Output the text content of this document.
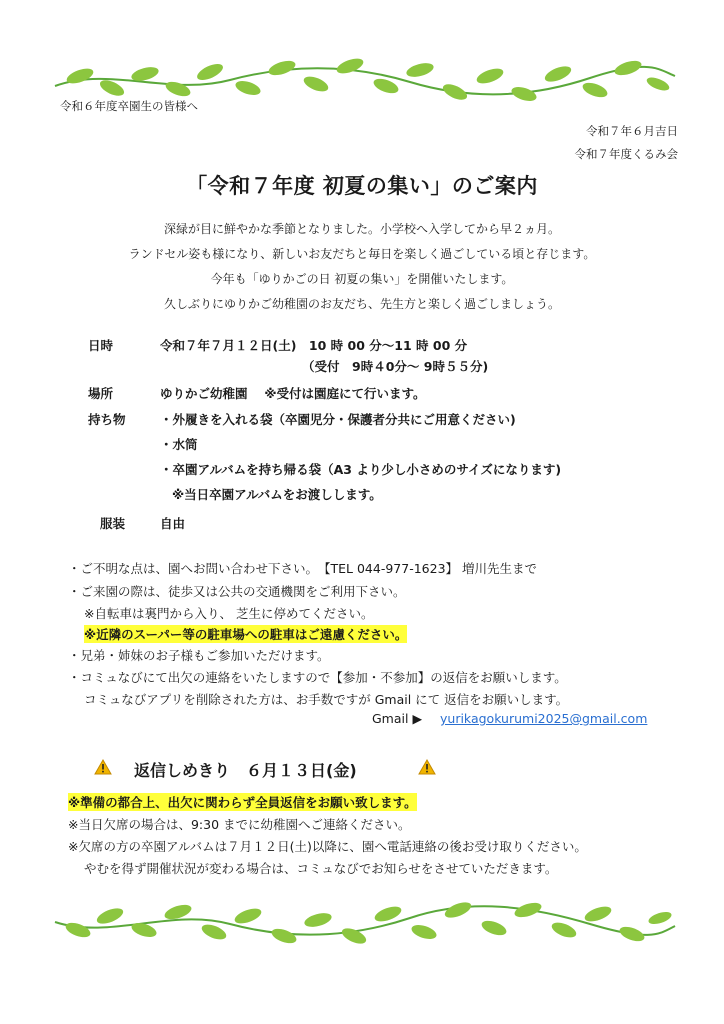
令和６年度卒園生の皆様へ
令和７年６月吉日
令和７年度くるみ会
「令和７年度 初夏の集い」のご案内
深緑が目に鮮やかな季節となりました。小学校へ入学してから早２ヵ月。
ランドセル姿も様になり、新しいお友だちと毎日を楽しく過ごしている頃と存じます。
今年も「ゆりかごの日 初夏の集い」を開催いたします。
久しぶりにゆりかご幼稚園のお友だち、先生方と楽しく過ごしましょう。
日時	令和７年７月１２日(土)　10 時 00 分～11 時 00 分
（受付　9時４0分～ 9時５５分)
場所	ゆりかご幼稚園　 ※受付は園庭にて行います。
持ち物	・外履きを入れる袋（卒園児分・保護者分共にご用意ください)
・水筒
・卒園アルバムを持ち帰る袋（A3 より少し小さめのサイズになります)
※当日卒園アルバムをお渡しします。
服装	自由
・ご不明な点は、園へお問い合わせ下さい。　【TEL 044-977-1623】 増川先生まで
・ご来園の際は、徒歩又は公共の交通機関をご利用下さい。
※自転車は裏門から入り、 芝生に停めてください。
※近隣のスーパー等の駐車場への駐車はご遠慮ください。
・兄弟・姉妹のお子様もご参加いただけます。
・コミュなびにて出欠の連絡をいたしますので【参加・不参加】の返信をお願いします。
コミュなびアプリを削除された方は、お手数ですが Gmail にて 返信をお願いします。
Gmail ▶ yurikagokurumi2025@gmail.com
返信しめきり　６月１３日(金)
※準備の都合上、出欠に関わらず全員返信をお願い致します。
※当日欠席の場合は、9:30 までに幼稚園へご連絡ください。
※欠席の方の卒園アルバムは７月１２日(土)以降に、園へ電話連絡の後お受け取りください。
やむを得ず開催状況が変わる場合は、コミュなびでお知らせをさせていただきます。
